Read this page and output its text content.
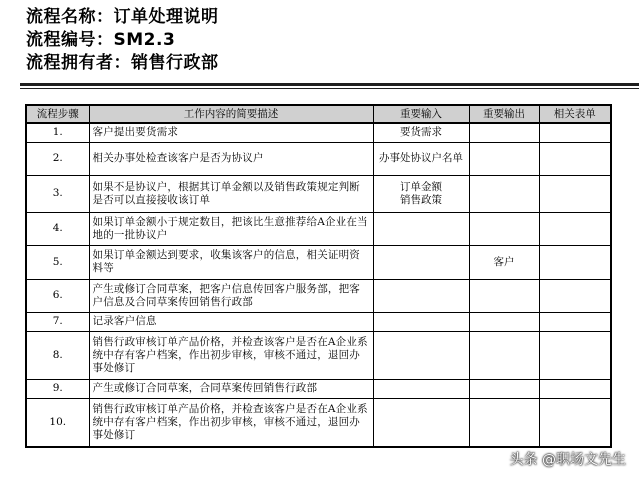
流程名称：订单处理说明
流程编号：SM2.3
流程拥有者：销售行政部
流程步骤	工作内容的简要描述	重要输入	重要输出	相关表单
1.	客户提出要货需求	要货需求		

2.	相关办事处检查该客户是否为协议户	办事处协议户名单		

3.	如果不是协议户，根据其订单金额以及销售政策规定判断是否可以直接接收该订单	订单金额
销售政策		

4.	如果订单金额小于规定数目，把该比生意推荐给A企业在当地的一批协议户			
5.	如果订单金额达到要求，收集该客户的信息，相关证明资料等		客户	
6.	产生或修订合同草案，把客户信息传回客户服务部，把客户信息及合同草案传回销售行政部			
7.	记录客户信息			
8.	销售行政审核订单产品价格，并检查该客户是否在A企业系统中存有客户档案，作出初步审核，审核不通过，退回办事处修订			
9.	产生或修订合同草案，合同草案传回销售行政部			
10.	销售行政审核订单产品价格，并检查该客户是否在A企业系统中存有客户档案，作出初步审核，审核不通过，退回办事处修订			
头条 @职场文先生
